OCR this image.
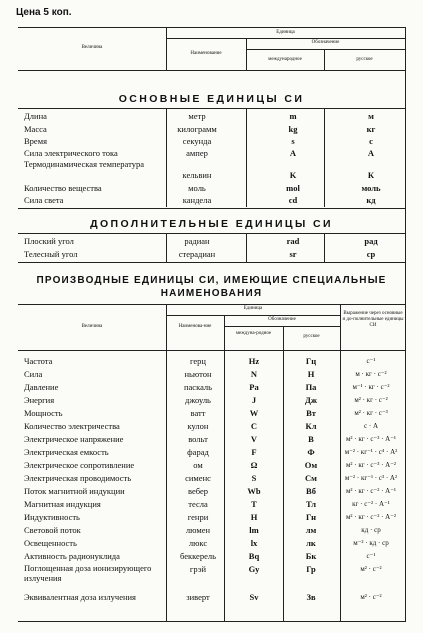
Цена 5 коп.
Величина
Единица
Наименование
Обозначение
международное	русское
ОСНОВНЫЕ ЕДИНИЦЫ СИ
Длина	метр	m	м
Масса	килограмм	kg	кг
Время	секунда	s	с
Сила электрического тока	ампер	A	А
Термодинамическая температура
кельвин	K	К
Количество вещества	моль	mol	моль
Сила света	кандела	cd	кд
ДОПОЛНИТЕЛЬНЫЕ ЕДИНИЦЫ СИ
Плоский угол	радиан	rad	рад
Телесный угол	стерадиан	sr	ср
ПРОИЗВОДНЫЕ ЕДИНИЦЫ СИ, ИМЕЮЩИЕ СПЕЦИАЛЬНЫЕ
НАИМЕНОВАНИЯ
Величина
Единица
Наименова-ние
Обозначение
междуна-родное
русское
Выражение через основные и до-полнительные единицы СИ
Частота	герц	Hz	Гц	с⁻¹
Сила	ньютон	N	Н	м · кг · с⁻²
Давление	паскаль	Pa	Па	м⁻¹ · кг · с⁻²
Энергия	джоуль	J	Дж	м² · кг · с⁻²
Мощность	ватт	W	Вт	м² · кг · с⁻³
Количество электричества	кулон	C	Кл	с · А
Электрическое напряжение	вольт	V	В	м² · кг · с⁻³ · А⁻¹
Электрическая емкость	фарад	F	Ф	м⁻² · кг⁻¹ · с⁴ · А²
Электрическое сопротивление	ом	Ω	Ом	м² · кг · с⁻³ · А⁻²
Электрическая проводимость	сименс	S	См	м⁻² · кг⁻¹ · с³ · А²
Поток магнитной индукции	вебер	Wb	Вб	м² · кг · с⁻² · А⁻¹
Магнитная индукция	тесла	T	Тл	кг · с⁻² · А⁻¹
Индуктивность	генри	H	Гн	м² · кг · с⁻² · А⁻²
Световой поток	люмен	lm	лм	кд · ср
Освещенность	люкс	lx	лк	м⁻² · кд · ср
Активность радионуклида	беккерель	Bq	Бк	с⁻¹
Поглощенная доза ионизирующего излучения
грэй	Gy	Гр	м² · с⁻²
Эквивалентная доза излучения	зиверт	Sv	Зв	м² · с⁻²
